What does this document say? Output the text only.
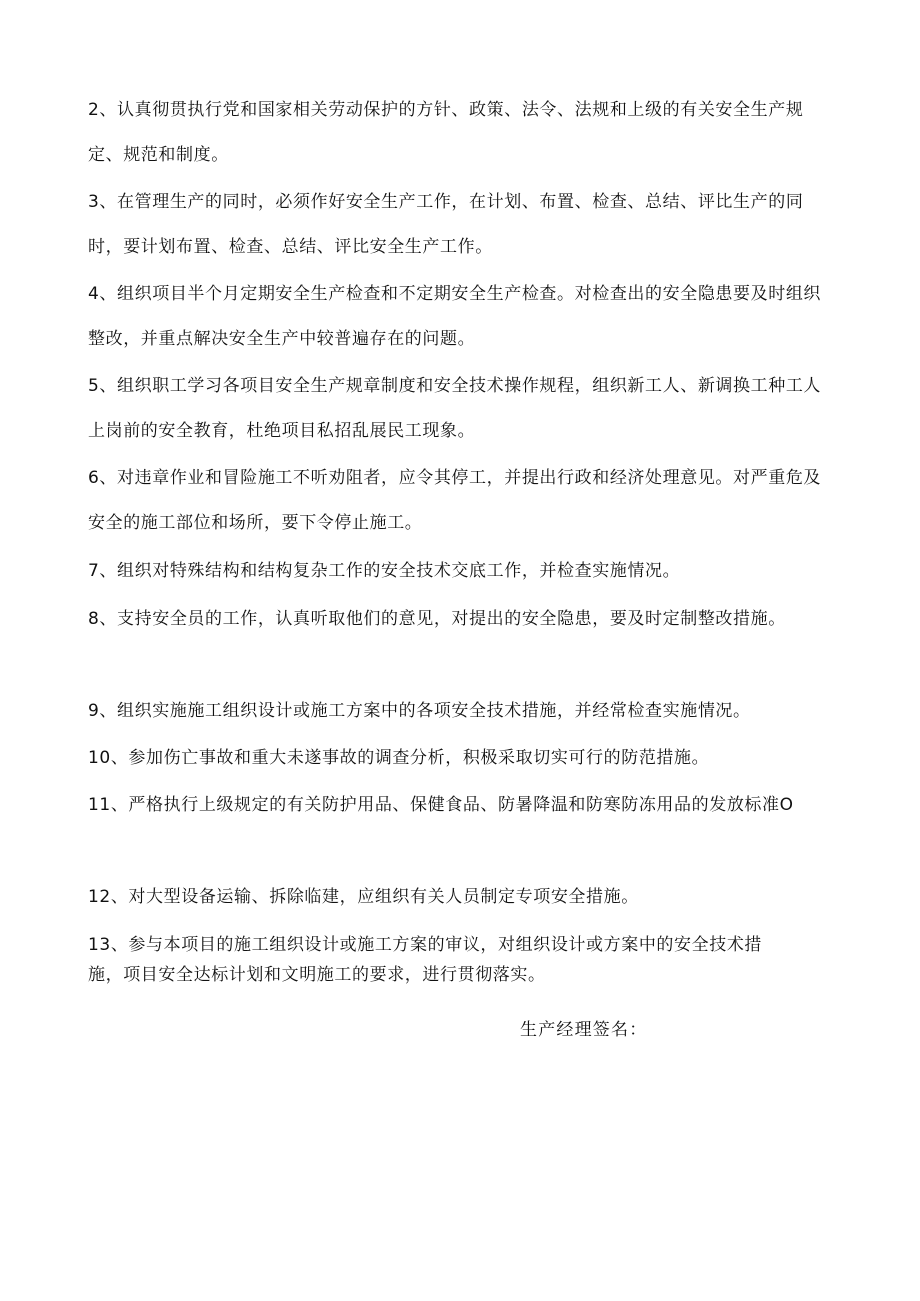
2、认真彻贯执行党和国家相关劳动保护的方针、政策、法令、法规和上级的有关安全生产规定、规范和制度。

3、在管理生产的同时，必须作好安全生产工作，在计划、布置、检查、总结、评比生产的同时，要计划布置、检查、总结、评比安全生产工作。

4、组织项目半个月定期安全生产检查和不定期安全生产检查。对检查出的安全隐患要及时组织整改，并重点解决安全生产中较普遍存在的问题。

5、组织职工学习各项目安全生产规章制度和安全技术操作规程，组织新工人、新调换工种工人上岗前的安全教育，杜绝项目私招乱展民工现象。

6、对违章作业和冒险施工不听劝阻者，应令其停工，并提出行政和经济处理意见。对严重危及安全的施工部位和场所，要下令停止施工。

7、组织对特殊结构和结构复杂工作的安全技术交底工作，并检查实施情况。

8、支持安全员的工作，认真听取他们的意见，对提出的安全隐患，要及时定制整改措施。

9、组织实施施工组织设计或施工方案中的各项安全技术措施，并经常检查实施情况。

10、参加伤亡事故和重大未遂事故的调查分析，积极采取切实可行的防范措施。

11、严格执行上级规定的有关防护用品、保健食品、防暑降温和防寒防冻用品的发放标准O

12、对大型设备运输、拆除临建，应组织有关人员制定专项安全措施。

13、参与本项目的施工组织设计或施工方案的审议，对组织设计或方案中的安全技术措施，项目安全达标计划和文明施工的要求，进行贯彻落实。

生产经理签名：
